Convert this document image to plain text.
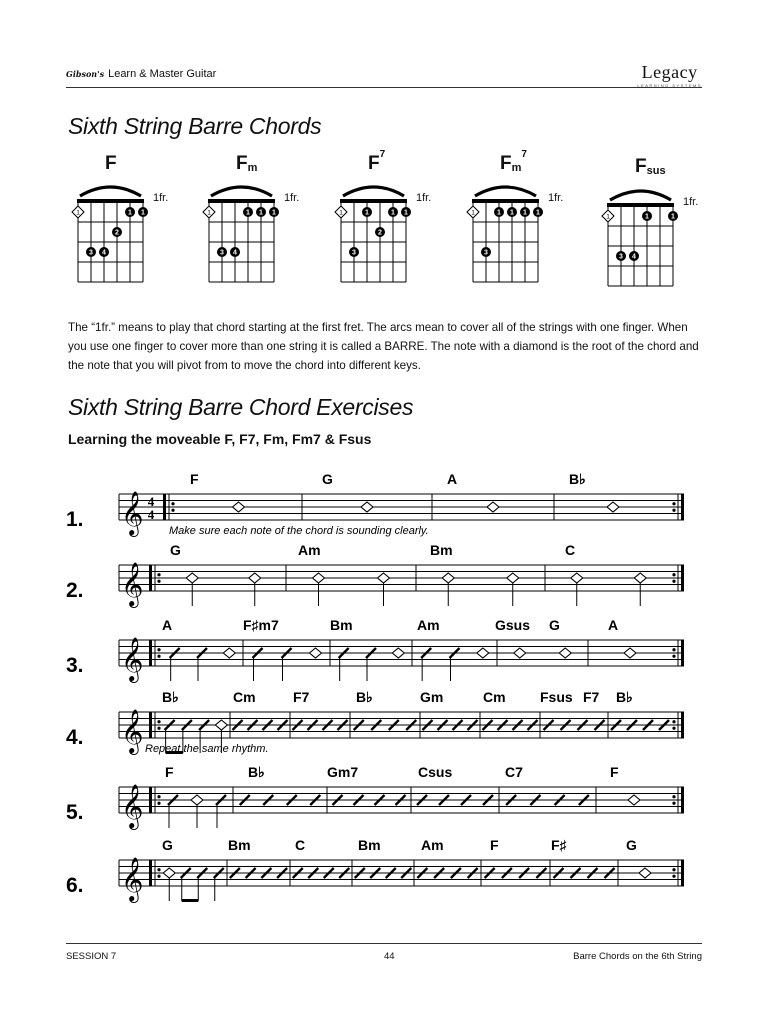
Gibson's Learn & Master Guitar	Legacy
LEARNING SYSTEMS
Sixth String Barre Chords
F
1fr.
1	1 1
2
3 4
$F_m$
1fr.
1	1 1 1
3 4
$F^7$
1fr.
1	1	1 1
2
3
$F_m^7$
1fr.
1	1 1 1 1
3
$F_{sus}$
1fr.
1	1	1
3 4

The “1fr.” means to play that chord starting at the first fret. The arcs mean to cover all of the strings with one finger. When you use one finger to cover more than one string it is called a BARRE. The note with a diamond is the root of the chord and the note that you will pivot from to move the chord into different keys.

Sixth String Barre Chord Exercises
Learning the moveable F, F7, Fm, Fm7 & Fsus
1. 𝄞 4
4
F	G	A	B♭
Make sure each note of the chord is sounding clearly.
2. 𝄞
G	Am	Bm	C
3. 𝄞
A	F♯m7	Bm	Am	Gsus G	A
4. 𝄞
B♭	Cm	F7	B♭	Gm	Cm Fsus F7 B♭
Repeat the same rhythm.
5. 𝄞
F	B♭	Gm7	Csus	C7	F
6. 𝄞
G	Bm	C	Bm	Am	F	F♯	G
SESSION 7	44	Barre Chords on the 6th String
